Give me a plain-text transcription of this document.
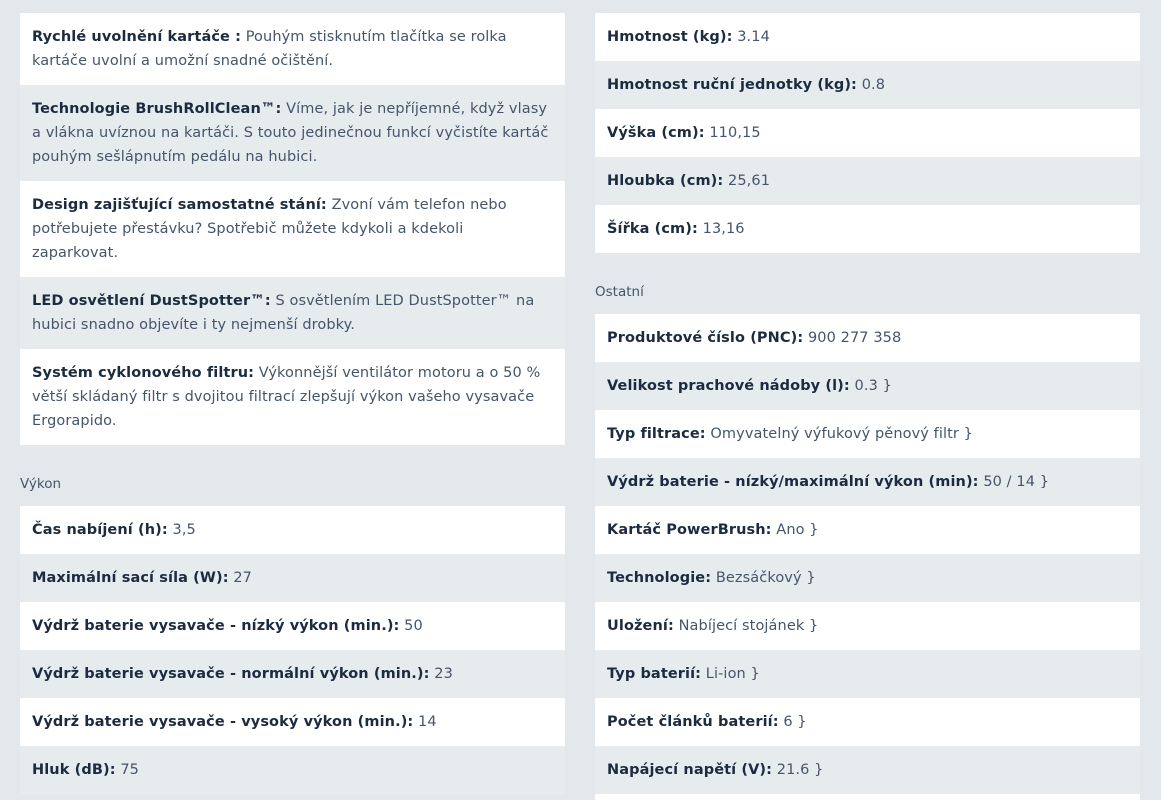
Rychlé uvolnění kartáče : Pouhým stisknutím tlačítka se rolka kartáče uvolní a umožní snadné očištění.
Technologie BrushRollClean™: Víme, jak je nepříjemné, když vlasy a vlákna uvíznou na kartáči. S touto jedinečnou funkcí vyčistíte kartáč pouhým sešlápnutím pedálu na hubici.
Design zajišťující samostatné stání: Zvoní vám telefon nebo potřebujete přestávku? Spotřebič můžete kdykoli a kdekoli zaparkovat.
LED osvětlení DustSpotter™: S osvětlením LED DustSpotter™ na hubici snadno objevíte i ty nejmenší drobky.
Systém cyklonového filtru: Výkonnější ventilátor motoru a o 50 % větší skládaný filtr s dvojitou filtrací zlepšují výkon vašeho vysavače Ergorapido.
Výkon
Čas nabíjení (h): 3,5
Maximální sací síla (W): 27
Výdrž baterie vysavače - nízký výkon (min.): 50
Výdrž baterie vysavače - normální výkon (min.): 23
Výdrž baterie vysavače - vysoký výkon (min.): 14
Hluk (dB): 75
Hmotnost (kg): 3.14
Hmotnost ruční jednotky (kg): 0.8
Výška (cm): 110,15
Hloubka (cm): 25,61
Šířka (cm): 13,16
Ostatní
Produktové číslo (PNC): 900 277 358
Velikost prachové nádoby (l): 0.3 }
Typ filtrace: Omyvatelný výfukový pěnový filtr }
Výdrž baterie - nízký/maximální výkon (min): 50 / 14 }
Kartáč PowerBrush: Ano }
Technologie: Bezsáčkový }
Uložení: Nabíjecí stojánek }
Typ baterií: Li-ion }
Počet článků baterií: 6 }
Napájecí napětí (V): 21.6 }
